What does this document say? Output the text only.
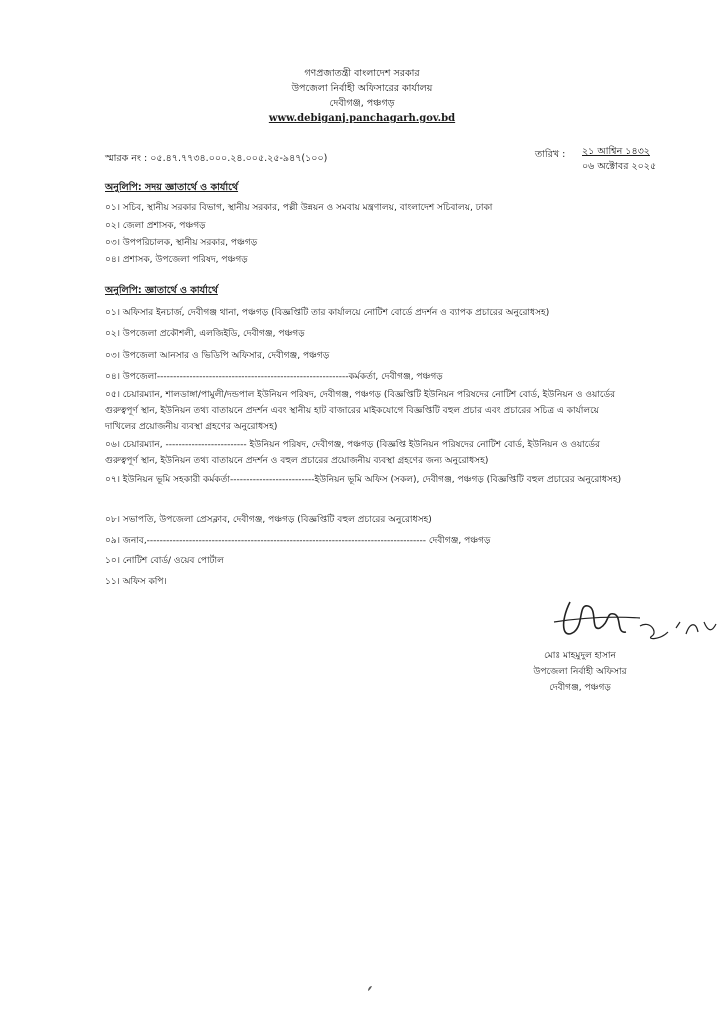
গণপ্রজাতন্ত্রী বাংলাদেশ সরকার
উপজেলা নির্বাহী অফিসারের কার্যালয়
দেবীগঞ্জ, পঞ্চগড়
www.debiganj.panchagarh.gov.bd
স্মারক নং : ০৫.৪৭.৭৭৩৪.০০০.২৪.০০৫.২৫-৯৪৭(১০০)	তারিখ : ২১ আশ্বিন ১৪৩২
০৬ অক্টোবর ২০২৫
অনুলিপি: সদয় জ্ঞাতার্থে ও কার্যার্থে
০১। সচিব, স্থানীয় সরকার বিভাগ, স্থানীয় সরকার, পল্লী উন্নয়ন ও সমবায় মন্ত্রণালয়, বাংলাদেশ সচিবালয়, ঢাকা
০২। জেলা প্রশাসক, পঞ্চগড়
০৩। উপপরিচালক, স্থানীয় সরকার, পঞ্চগড়
০৪। প্রশাসক, উপজেলা পরিষদ, পঞ্চগড়
অনুলিপি: জ্ঞাতার্থে ও কার্যার্থে
০১। অফিসার ইনচার্জ, দেবীগঞ্জ থানা, পঞ্চগড় (বিজ্ঞপ্তিটি তার কার্যালয়ে নোটিশ বোর্ডে প্রদর্শন ও ব্যাপক প্রচারের অনুরোধসহ)
০২। উপজেলা প্রকৌশলী, এলজিইডি, দেবীগঞ্জ, পঞ্চগড়
০৩। উপজেলা আনসার ও ভিডিপি অফিসার, দেবীগঞ্জ, পঞ্চগড়
০৪। উপজেলা-----------------------------------------------------------কর্মকর্তা, দেবীগঞ্জ, পঞ্চগড়
০৫। চেয়ারম্যান, শালডাঙ্গা/পামুলী/দন্ডপাল ইউনিয়ন পরিষদ, দেবীগঞ্জ, পঞ্চগড় (বিজ্ঞপ্তিটি ইউনিয়ন পরিষদের নোটিশ বোর্ড, ইউনিয়ন ও ওয়ার্ডের গুরুত্বপূর্ণ স্থান, ইউনিয়ন তথ্য বাতায়নে প্রদর্শন এবং স্থানীয় হাট বাজারের মাইকযোগে বিজ্ঞপ্তিটি বহুল প্রচার এবং প্রচারের সচিত্র এ কার্যালয়ে দাখিলের প্রয়োজনীয় ব্যবস্থা গ্রহণের অনুরোধসহ)
০৬। চেয়ারম্যান, ------------------------- ইউনিয়ন পরিষদ, দেবীগঞ্জ, পঞ্চগড় (বিজ্ঞপ্তি ইউনিয়ন পরিষদের নোটিশ বোর্ড, ইউনিয়ন ও ওয়ার্ডের গুরুত্বপূর্ণ স্থান, ইউনিয়ন তথ্য বাতায়নে প্রদর্শন ও বহুল প্রচারের প্রয়োজনীয় ব্যবস্থা গ্রহণের জন্য অনুরোধসহ)
০৭। ইউনিয়ন ভূমি সহকারী কর্মকর্তা--------------------------ইউনিয়ন ভূমি অফিস (সকল), দেবীগঞ্জ, পঞ্চগড় (বিজ্ঞপ্তিটি বহুল প্রচারের অনুরোধসহ)
০৮। সভাপতি, উপজেলা প্রেসক্লাব, দেবীগঞ্জ, পঞ্চগড় (বিজ্ঞপ্তিটি বহুল প্রচারের অনুরোধসহ)
০৯। জনাব,-------------------------------------------------------------------------------------- দেবীগঞ্জ, পঞ্চগড়
১০। নোটিশ বোর্ড/ ওয়েব পোর্টাল
১১। অফিস কপি।
মোঃ মাহমুদুল হাসান
উপজেলা নির্বাহী অফিসার
দেবীগঞ্জ, পঞ্চগড়
